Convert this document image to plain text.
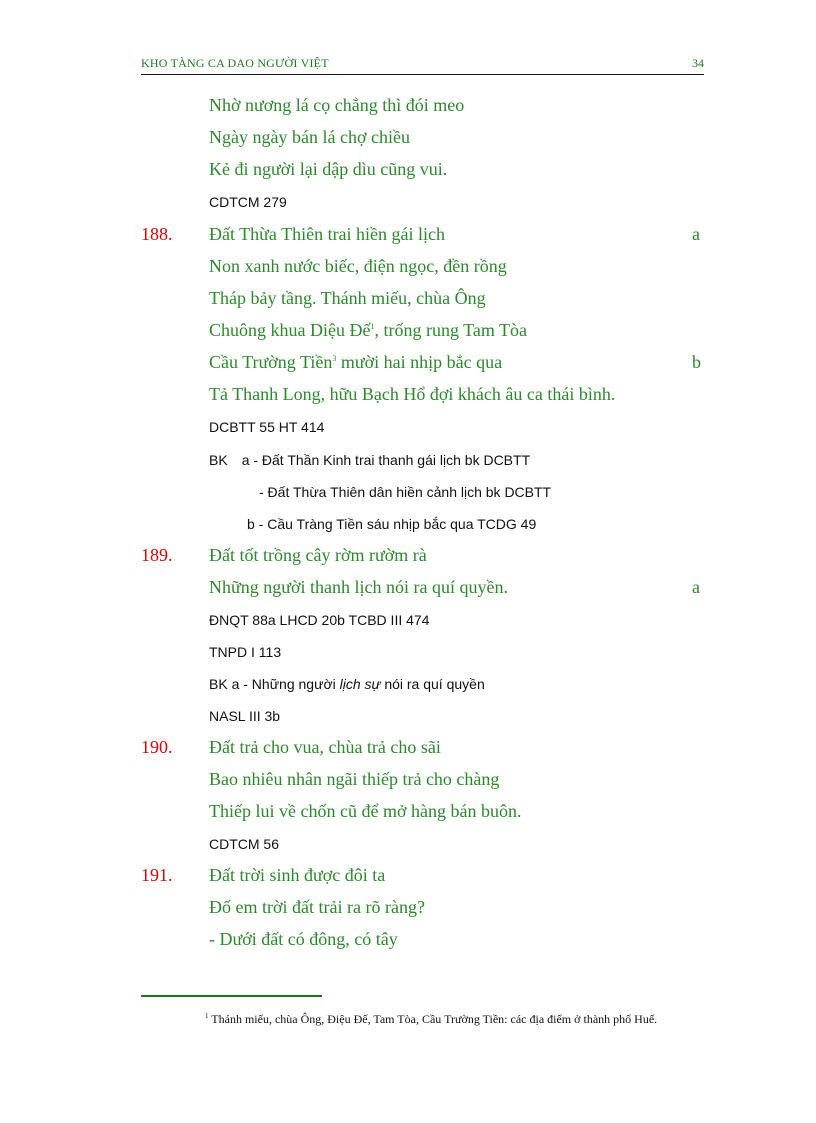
KHO TÀNG CA DAO NGƯỜI VIỆT	34
Nhờ nương lá cọ chẳng thì đói meo
Ngày ngày bán lá chợ chiều
Kẻ đi người lại dập dìu cũng vui.
CDTCM 279
188. Đất Thừa Thiên trai hiền gái lịch	a
Non xanh nước biếc, điện ngọc, đền rồng
Tháp bảy tầng. Thánh miếu, chùa Ông
Chuông khua Diệu Đế$^1$, trống rung Tam Tòa
Cầu Trường Tiền$^3$ mười hai nhịp bắc qua	b
Tả Thanh Long, hữu Bạch Hổ đợi khách âu ca thái bình.
DCBTT 55 HT 414
BK a - Đất Thần Kinh trai thanh gái lịch bk DCBTT
- Đất Thừa Thiên dân hiền cảnh lịch bk DCBTT
b - Cầu Tràng Tiền sáu nhịp bắc qua TCDG 49
189. Đất tốt trồng cây rờm rườm rà
Những người thanh lịch nói ra quí quyền.	a
ĐNQT 88a LHCD 20b TCBD III 474
TNPD I 113
BK a - Những người lịch sự nói ra quí quyền
NASL III 3b
190. Đất trả cho vua, chùa trả cho sãi
Bao nhiêu nhân ngãi thiếp trả cho chàng
Thiếp lui về chốn cũ để mở hàng bán buôn.
CDTCM 56
191. Đất trời sinh được đôi ta
Đố em trời đất trải ra rõ ràng?
- Dưới đất có đông, có tây
$^1$ Thánh miếu, chùa Ông, Điệu Đế, Tam Tòa, Cầu Trường Tiền: các địa điểm ở thành phố Huế.
